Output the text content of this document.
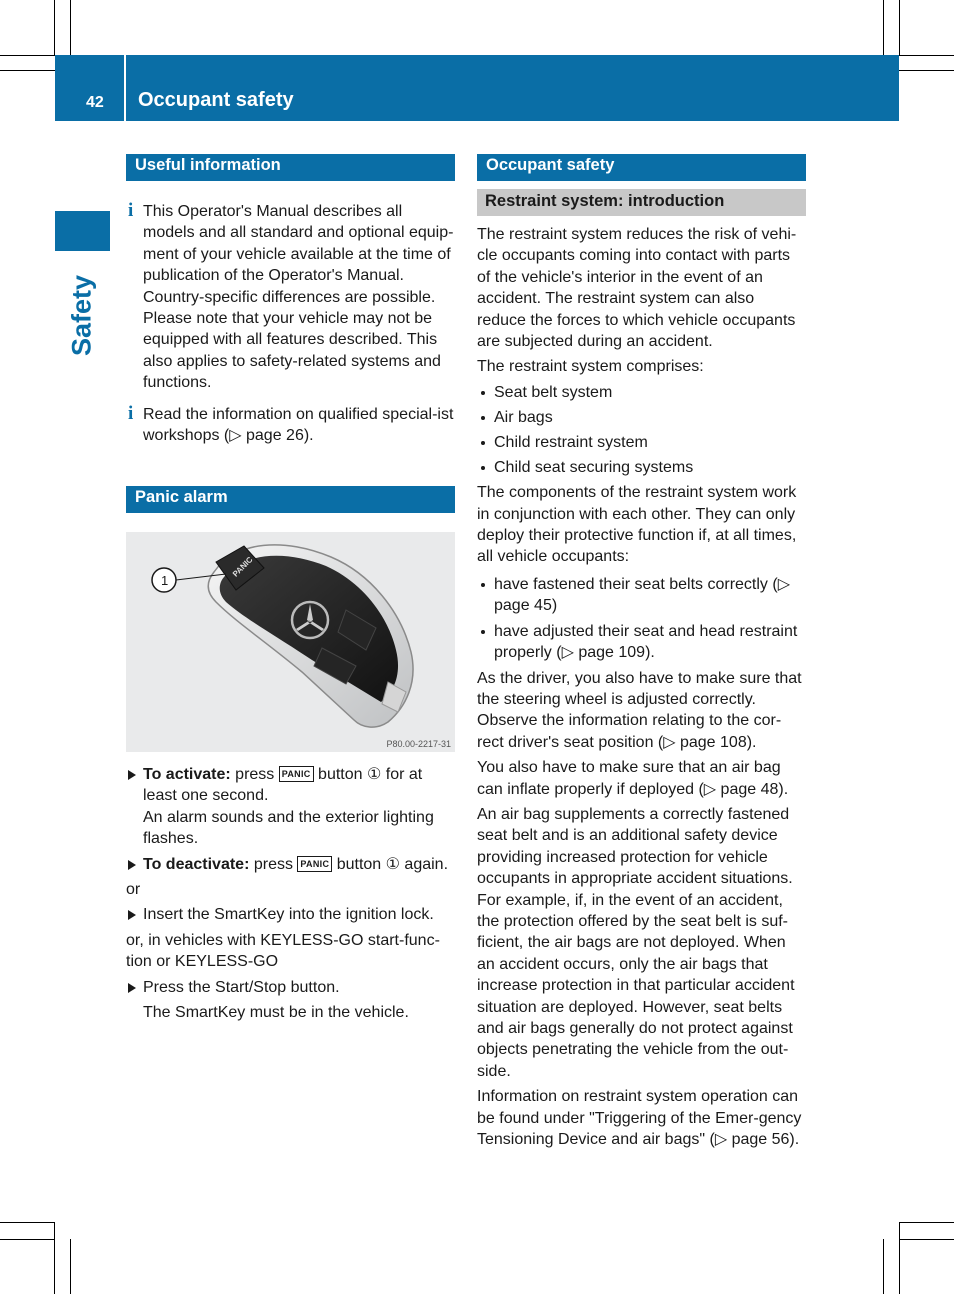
42 Occupant safety
Safety
Useful information

i This Operator's Manual describes all models and all standard and optional equip-ment of your vehicle available at the time of publication of the Operator's Manual. Country-specific differences are possible. Please note that your vehicle may not be equipped with all features described. This also applies to safety-related systems and functions.

i Read the information on qualified special-ist workshops (▷ page 26).

Panic alarm
PANIC
1
P80.00-2217-31

To activate: press PANIC button ① for at least one second.
An alarm sounds and the exterior lighting flashes.

To deactivate: press PANIC button ① again.

or

Insert the SmartKey into the ignition lock.

or, in vehicles with KEYLESS-GO start-func-tion or KEYLESS-GO

Press the Start/Stop button.

The SmartKey must be in the vehicle.

Occupant safety
Restraint system: introduction

The restraint system reduces the risk of vehi-cle occupants coming into contact with parts of the vehicle's interior in the event of an accident. The restraint system can also reduce the forces to which vehicle occupants are subjected during an accident.

The restraint system comprises:

Seat belt system

Air bags

Child restraint system

Child seat securing systems

The components of the restraint system work in conjunction with each other. They can only deploy their protective function if, at all times, all vehicle occupants:

have fastened their seat belts correctly (▷ page 45)

have adjusted their seat and head restraint properly (▷ page 109).

As the driver, you also have to make sure that the steering wheel is adjusted correctly. Observe the information relating to the cor-rect driver's seat position (▷ page 108).

You also have to make sure that an air bag can inflate properly if deployed (▷ page 48).

An air bag supplements a correctly fastened seat belt and is an additional safety device providing increased protection for vehicle occupants in appropriate accident situations. For example, if, in the event of an accident, the protection offered by the seat belt is suf-ficient, the air bags are not deployed. When an accident occurs, only the air bags that increase protection in that particular accident situation are deployed. However, seat belts and air bags generally do not protect against objects penetrating the vehicle from the out-side.

Information on restraint system operation can be found under "Triggering of the Emer-gency Tensioning Device and air bags" (▷ page 56).
